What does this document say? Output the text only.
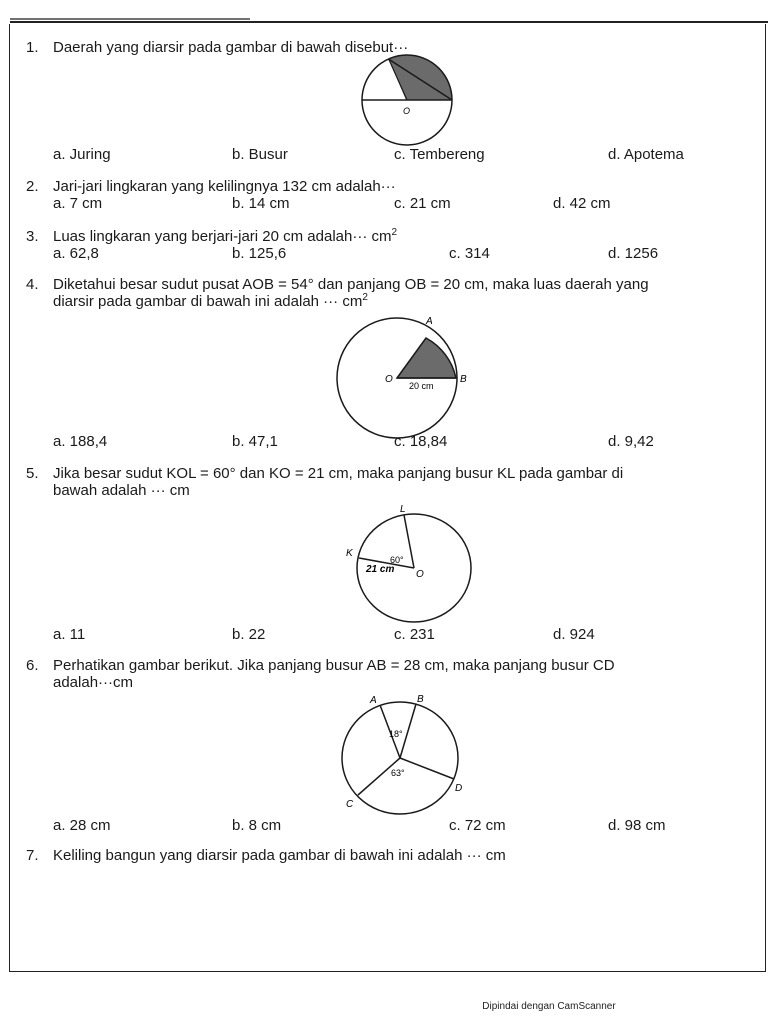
1. Daerah yang diarsir pada gambar di bawah disebut···
O
a. Juring	b. Busur	c. Tembereng	d. Apotema
2. Jari-jari lingkaran yang kelilingnya 132 cm adalah···
a. 7 cm	b. 14 cm	c. 21 cm	d. 42 cm
3. Luas lingkaran yang berjari-jari 20 cm adalah··· $cm^2$
a. 62,8	b. 125,6	c. 314	d. 1256
4. Diketahui besar sudut pusat AOB = 54° dan panjang OB = 20 cm, maka luas daerah yang
diarsir pada gambar di bawah ini adalah ··· $cm^2$
A
O	B
20 cm
a. 188,4	b. 47,1	c. 18,84	d. 9,42
5. Jika besar sudut KOL = 60° dan KO = 21 cm, maka panjang busur KL pada gambar di
bawah adalah ··· cm
L
K
O
60°
21 cm
a. 11	b. 22	c. 231	d. 924
6. Perhatikan gambar berikut. Jika panjang busur AB = 28 cm, maka panjang busur CD
adalah···cm
A	B
C
D
18°
63°
a. 28 cm	b. 8 cm	c. 72 cm	d. 98 cm
7. Keliling bangun yang diarsir pada gambar di bawah ini adalah ··· cm
Dipindai dengan CamScanner
